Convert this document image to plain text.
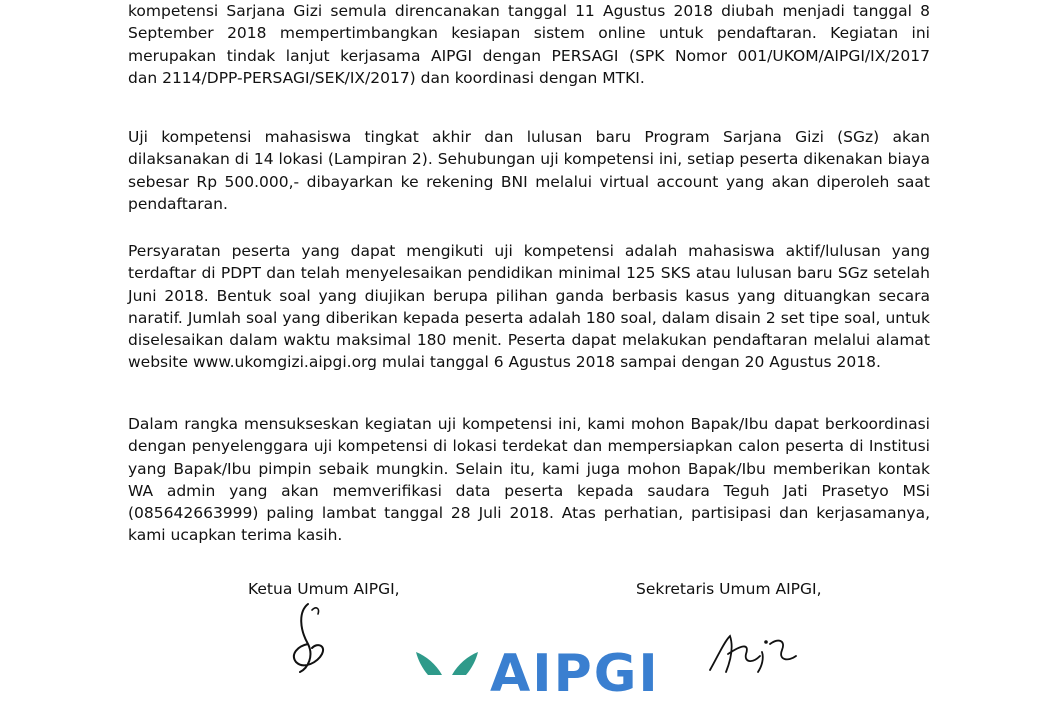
kompetensi Sarjana Gizi semula direncanakan tanggal 11 Agustus 2018 diubah menjadi tanggal 8
September 2018 mempertimbangkan kesiapan sistem online untuk pendaftaran. Kegiatan ini
merupakan tindak lanjut kerjasama AIPGI dengan PERSAGI (SPK Nomor 001/UKOM/AIPGI/IX/2017
dan 2114/DPP-PERSAGI/SEK/IX/2017) dan koordinasi dengan MTKI.
Uji kompetensi mahasiswa tingkat akhir dan lulusan baru Program Sarjana Gizi (SGz) akan
dilaksanakan di 14 lokasi (Lampiran 2). Sehubungan uji kompetensi ini, setiap peserta dikenakan biaya
sebesar Rp 500.000,- dibayarkan ke rekening BNI melalui virtual account yang akan diperoleh saat
pendaftaran.
Persyaratan peserta yang dapat mengikuti uji kompetensi adalah mahasiswa aktif/lulusan yang
terdaftar di PDPT dan telah menyelesaikan pendidikan minimal 125 SKS atau lulusan baru SGz setelah
Juni 2018. Bentuk soal yang diujikan berupa pilihan ganda berbasis kasus yang dituangkan secara
naratif. Jumlah soal yang diberikan kepada peserta adalah 180 soal, dalam disain 2 set tipe soal, untuk
diselesaikan dalam waktu maksimal 180 menit. Peserta dapat melakukan pendaftaran melalui alamat
website www.ukomgizi.aipgi.org mulai tanggal 6 Agustus 2018 sampai dengan 20 Agustus 2018.
Dalam rangka mensukseskan kegiatan uji kompetensi ini, kami mohon Bapak/Ibu dapat berkoordinasi
dengan penyelenggara uji kompetensi di lokasi terdekat dan mempersiapkan calon peserta di Institusi
yang Bapak/Ibu pimpin sebaik mungkin. Selain itu, kami juga mohon Bapak/Ibu memberikan kontak
WA admin yang akan memverifikasi data peserta kepada saudara Teguh Jati Prasetyo MSi
(085642663999) paling lambat tanggal 28 Juli 2018. Atas perhatian, partisipasi dan kerjasamanya,
kami ucapkan terima kasih.
Ketua Umum AIPGI,	Sekretaris Umum AIPGI,
AIPGI
